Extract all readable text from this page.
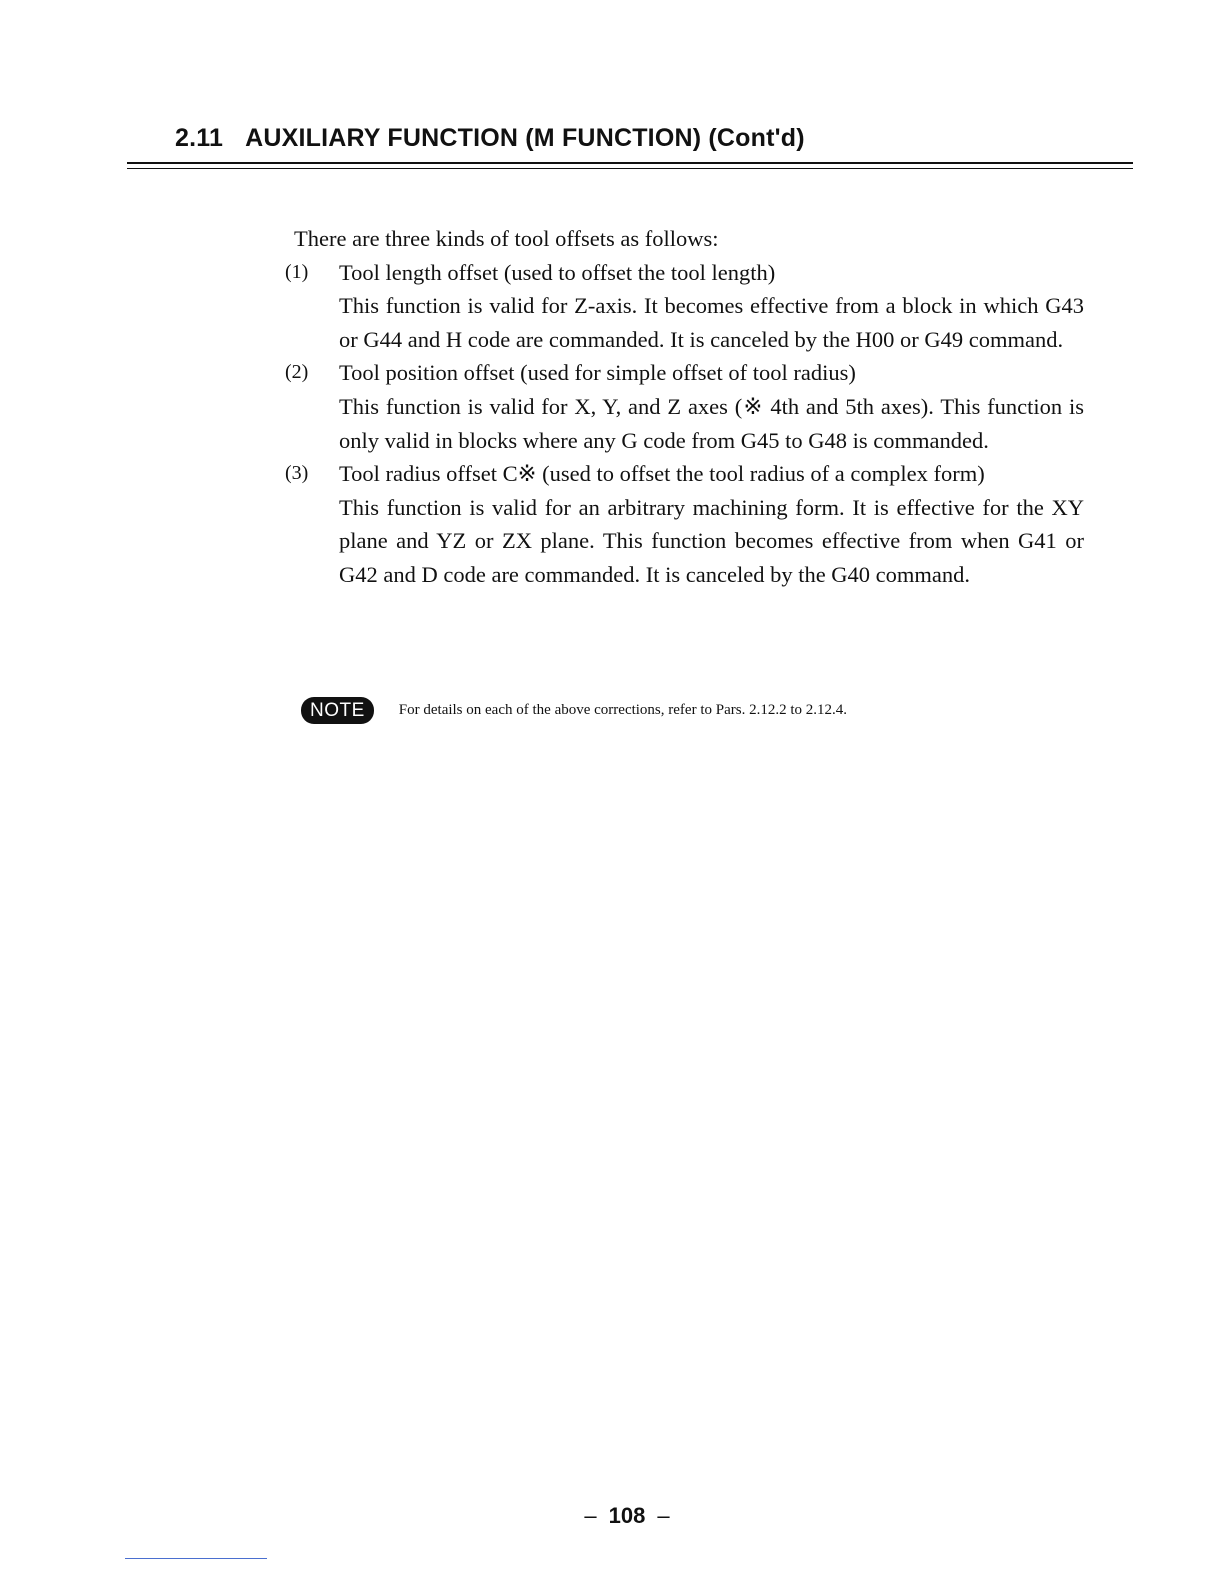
2.11 AUXILIARY FUNCTION (M FUNCTION) (Cont'd)

There are three kinds of tool offsets as follows:

(1) Tool length offset (used to offset the tool length)

This function is valid for Z-axis. It becomes effective from a block in which G43 or G44 and H code are commanded. It is canceled by the H00 or G49 command.
(2) Tool position offset (used for simple offset of tool radius)

This function is valid for X, Y, and Z axes (※ 4th and 5th axes). This function is only valid in blocks where any G code from G45 to G48 is commanded.
(3) Tool radius offset C※ (used to offset the tool radius of a complex form)

This function is valid for an arbitrary machining form. It is effective for the XY plane and YZ or ZX plane. This function becomes effective from when G41 or G42 and D code are commanded. It is canceled by the G40 command.
NOTE	For details on each of the above corrections, refer to Pars. 2.12.2 to 2.12.4.
– 108 –
